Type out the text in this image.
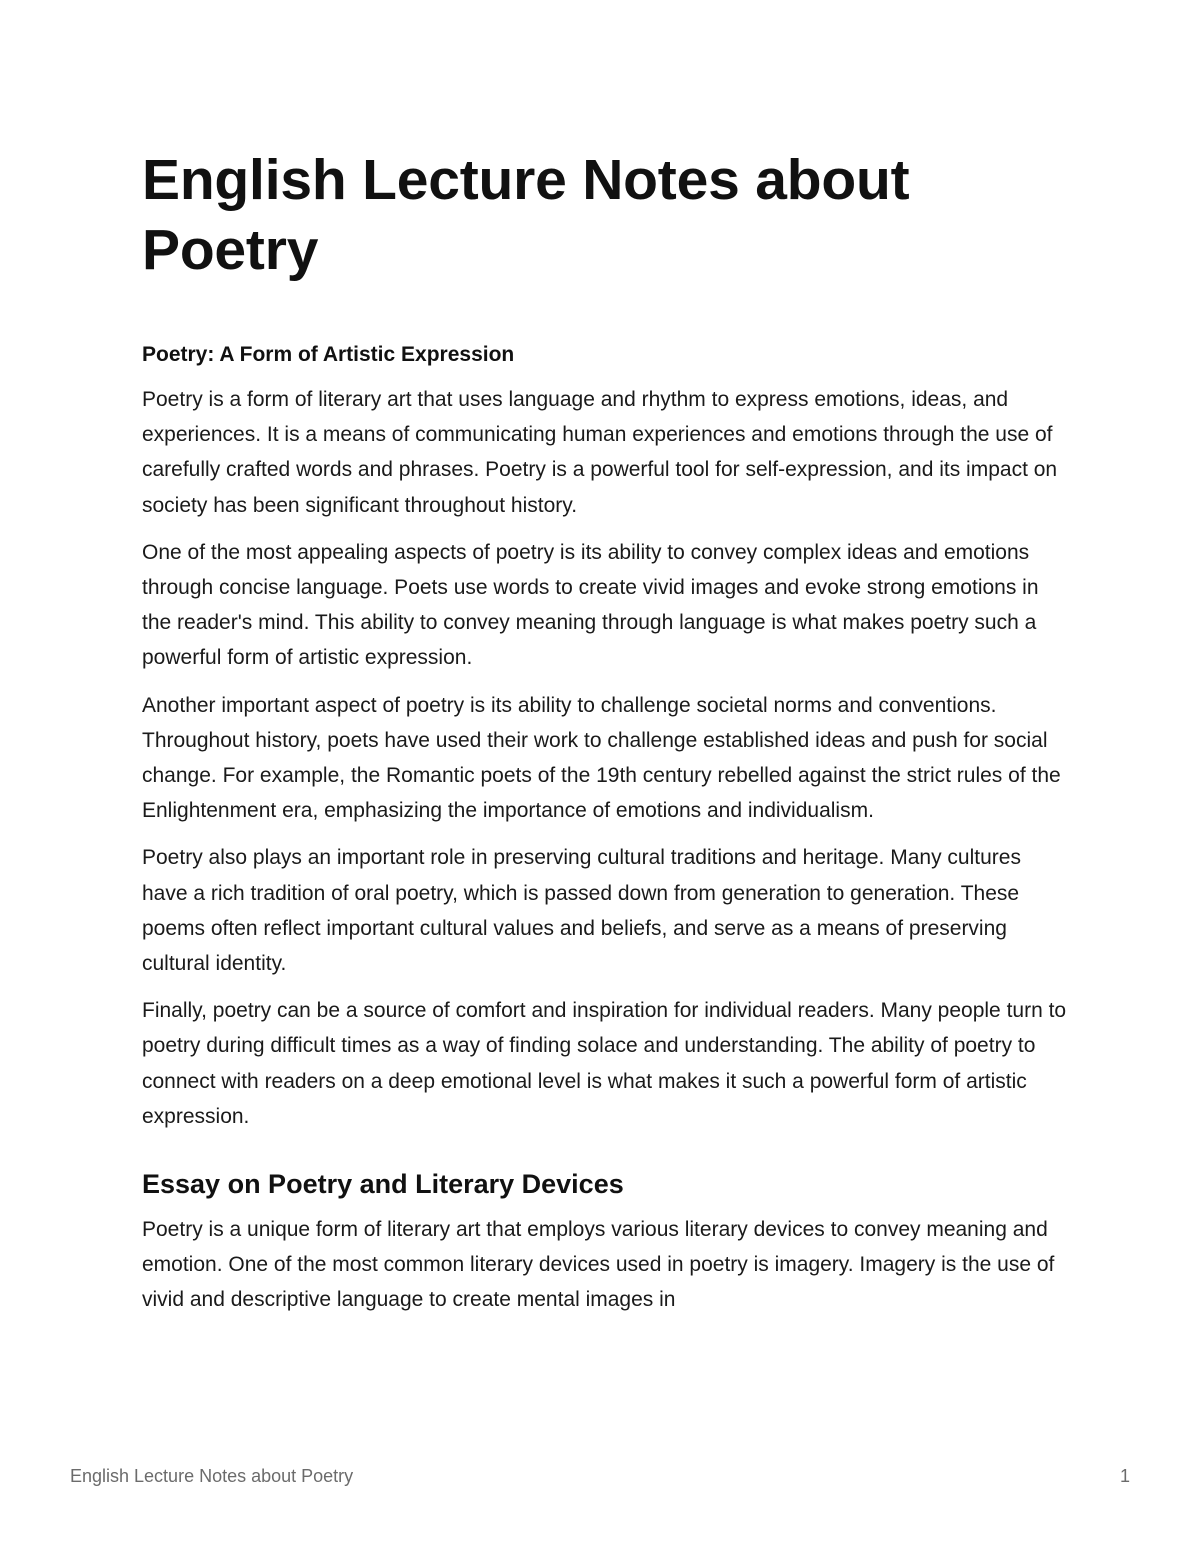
English Lecture Notes about Poetry
Poetry: A Form of Artistic Expression

Poetry is a form of literary art that uses language and rhythm to express emotions, ideas, and experiences. It is a means of communicating human experiences and emotions through the use of carefully crafted words and phrases. Poetry is a powerful tool for self-expression, and its impact on society has been significant throughout history.

One of the most appealing aspects of poetry is its ability to convey complex ideas and emotions through concise language. Poets use words to create vivid images and evoke strong emotions in the reader's mind. This ability to convey meaning through language is what makes poetry such a powerful form of artistic expression.

Another important aspect of poetry is its ability to challenge societal norms and conventions. Throughout history, poets have used their work to challenge established ideas and push for social change. For example, the Romantic poets of the 19th century rebelled against the strict rules of the Enlightenment era, emphasizing the importance of emotions and individualism.

Poetry also plays an important role in preserving cultural traditions and heritage. Many cultures have a rich tradition of oral poetry, which is passed down from generation to generation. These poems often reflect important cultural values and beliefs, and serve as a means of preserving cultural identity.

Finally, poetry can be a source of comfort and inspiration for individual readers. Many people turn to poetry during difficult times as a way of finding solace and understanding. The ability of poetry to connect with readers on a deep emotional level is what makes it such a powerful form of artistic expression.

Essay on Poetry and Literary Devices

Poetry is a unique form of literary art that employs various literary devices to convey meaning and emotion. One of the most common literary devices used in poetry is imagery. Imagery is the use of vivid and descriptive language to create mental images in

English Lecture Notes about Poetry	1
